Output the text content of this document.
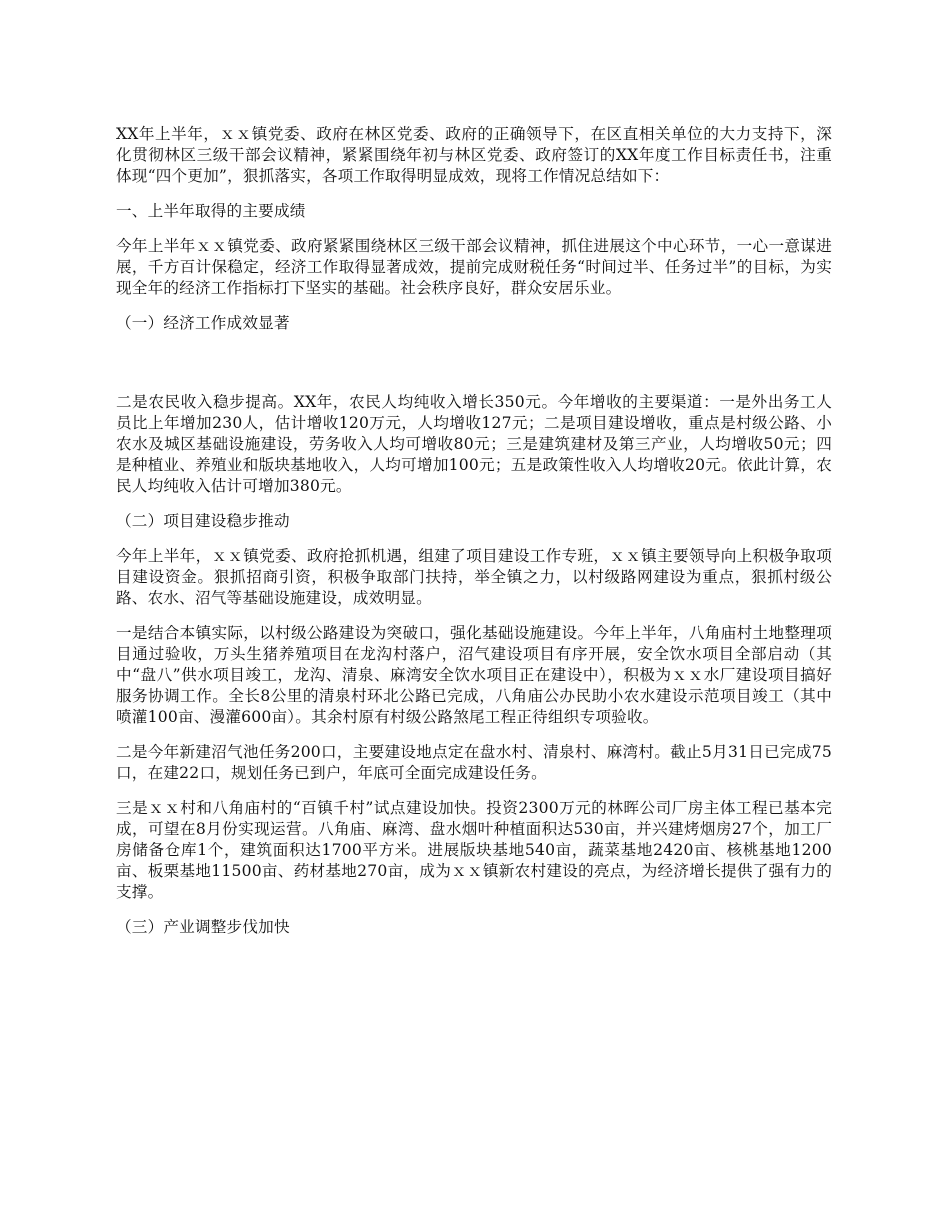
XX年上半年，ｘｘ镇党委、政府在林区党委、政府的正确领导下，在区直相关单位的大力支持下，深化贯彻林区三级干部会议精神，紧紧围绕年初与林区党委、政府签订的XX年度工作目标责任书，注重体现“四个更加”，狠抓落实，各项工作取得明显成效，现将工作情况总结如下：

一、上半年取得的主要成绩

今年上半年ｘｘ镇党委、政府紧紧围绕林区三级干部会议精神，抓住进展这个中心环节，一心一意谋进展，千方百计保稳定，经济工作取得显著成效，提前完成财税任务“时间过半、任务过半”的目标，为实现全年的经济工作指标打下坚实的基础。社会秩序良好，群众安居乐业。

（一）经济工作成效显著

二是农民收入稳步提高。XX年，农民人均纯收入增长350元。今年增收的主要渠道：一是外出务工人员比上年增加230人，估计增收120万元，人均增收127元；二是项目建设增收，重点是村级公路、小农水及城区基础设施建设，劳务收入人均可增收80元；三是建筑建材及第三产业，人均增收50元；四是种植业、养殖业和版块基地收入，人均可增加100元；五是政策性收入人均增收20元。依此计算，农民人均纯收入估计可增加380元。

（二）项目建设稳步推动

今年上半年，ｘｘ镇党委、政府抢抓机遇，组建了项目建设工作专班，ｘｘ镇主要领导向上积极争取项目建设资金。狠抓招商引资，积极争取部门扶持，举全镇之力，以村级路网建设为重点，狠抓村级公路、农水、沼气等基础设施建设，成效明显。

一是结合本镇实际，以村级公路建设为突破口，强化基础设施建设。今年上半年，八角庙村土地整理项目通过验收，万头生猪养殖项目在龙沟村落户，沼气建设项目有序开展，安全饮水项目全部启动（其中“盘八”供水项目竣工，龙沟、清泉、麻湾安全饮水项目正在建设中），积极为ｘｘ水厂建设项目搞好服务协调工作。全长8公里的清泉村环北公路已完成，八角庙公办民助小农水建设示范项目竣工（其中喷灌100亩、漫灌600亩）。其余村原有村级公路煞尾工程正待组织专项验收。

二是今年新建沼气池任务200口，主要建设地点定在盘水村、清泉村、麻湾村。截止5月31日已完成75口，在建22口，规划任务已到户，年底可全面完成建设任务。

三是ｘｘ村和八角庙村的“百镇千村”试点建设加快。投资2300万元的林晖公司厂房主体工程已基本完成，可望在8月份实现运营。八角庙、麻湾、盘水烟叶种植面积达530亩，并兴建烤烟房27个，加工厂房储备仓库1个，建筑面积达1700平方米。进展版块基地540亩，蔬菜基地2420亩、核桃基地1200亩、板栗基地11500亩、药材基地270亩，成为ｘｘ镇新农村建设的亮点，为经济增长提供了强有力的支撑。

（三）产业调整步伐加快
